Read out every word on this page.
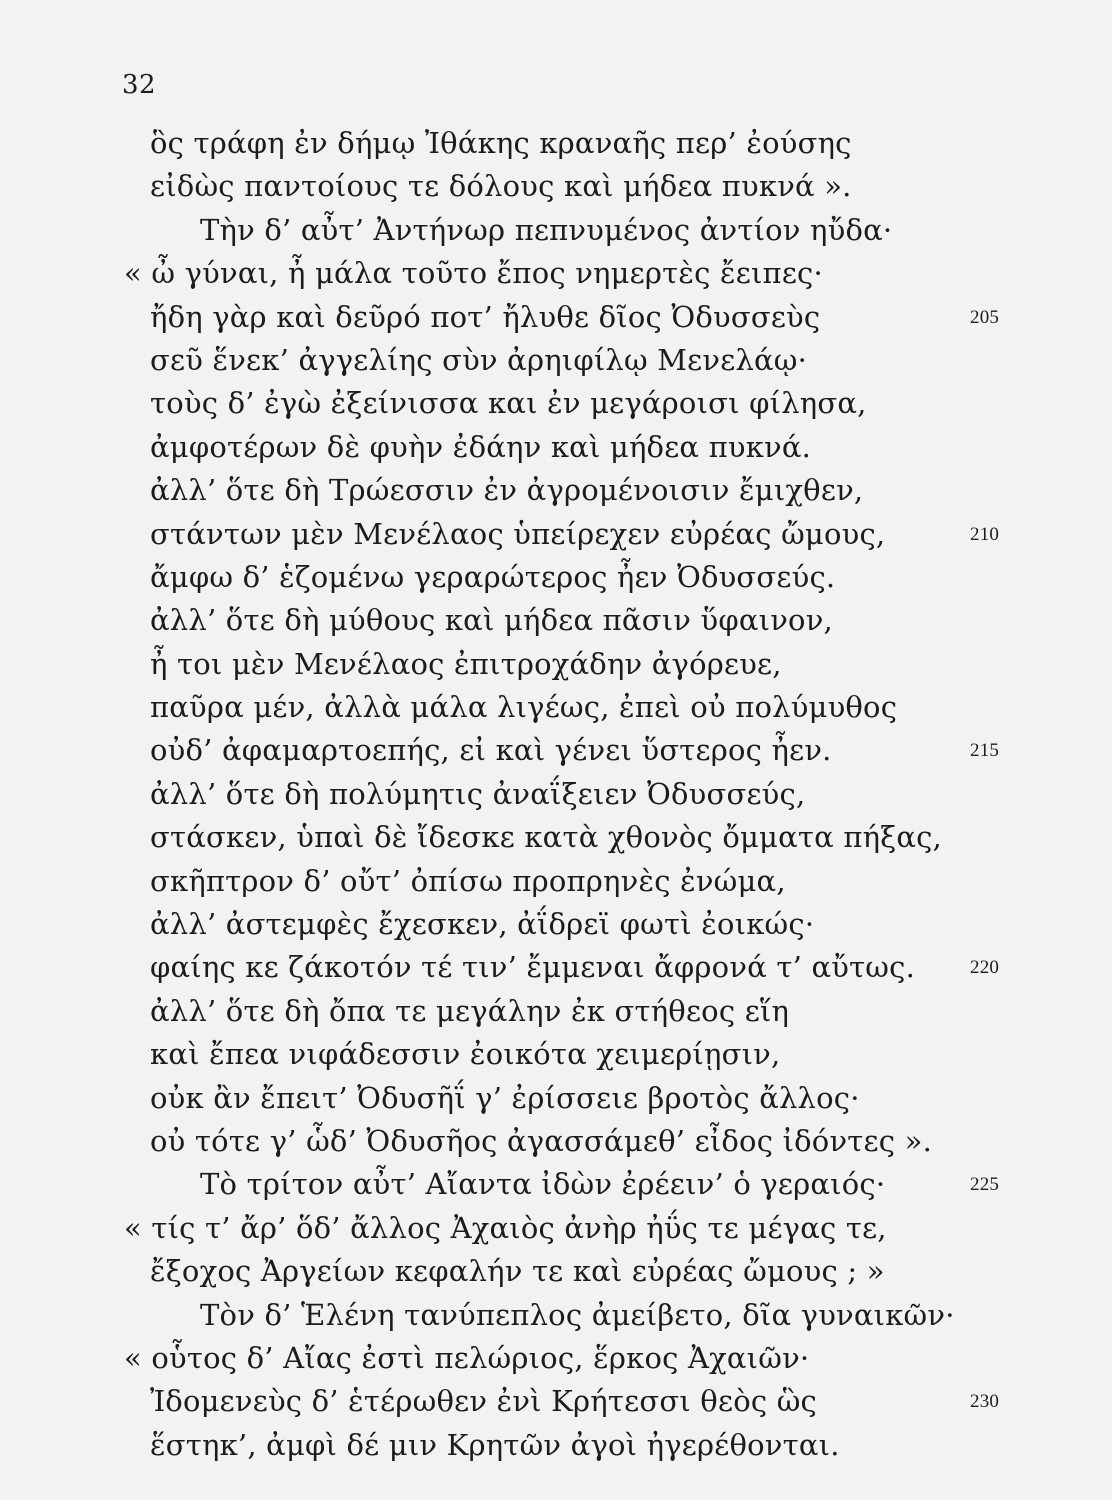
32
ὃς τράφη ἐν δήμῳ Ἰθάκης κραναῆς περ’ ἐούσης
εἰδὼς παντοίους τε δόλους καὶ μήδεα πυκνά ».
Τὴν δ’ αὖτ’ Ἀντήνωρ πεπνυμένος ἀντίον ηὔδα·
« ὦ γύναι, ἦ μάλα τοῦτο ἔπος νημερτὲς ἔειπες·
ἤδη γὰρ καὶ δεῦρό ποτ’ ἤλυθε δῖος Ὀδυσσεὺς	205
σεῦ ἕνεκ’ ἀγγελίης σὺν ἀρηιφίλῳ Μενελάῳ·
τοὺς δ’ ἐγὼ ἐξείνισσα και ἐν μεγάροισι φίλησα,
ἀμφοτέρων δὲ φυὴν ἐδάην καὶ μήδεα πυκνά.
ἀλλ’ ὅτε δὴ Τρώεσσιν ἐν ἀγρομένοισιν ἔμιχθεν,
στάντων μὲν Μενέλαος ὑπείρεχεν εὐρέας ὤμους,	210
ἄμφω δ’ ἑζομένω γεραρώτερος ἦεν Ὀδυσσεύς.
ἀλλ’ ὅτε δὴ μύθους καὶ μήδεα πᾶσιν ὕφαινον,
ἦ τοι μὲν Μενέλαος ἐπιτροχάδην ἀγόρευε,
παῦρα μέν, ἀλλὰ μάλα λιγέως, ἐπεὶ οὐ πολύμυθος
οὐδ’ ἀφαμαρτοεπής, εἰ καὶ γένει ὕστερος ἦεν.	215
ἀλλ’ ὅτε δὴ πολύμητις ἀναΐξειεν Ὀδυσσεύς,
στάσκεν, ὑπαὶ δὲ ἴδεσκε κατὰ χθονὸς ὄμματα πήξας,
σκῆπτρον δ’ οὔτ’ ὀπίσω προπρηνὲς ἐνώμα,
ἀλλ’ ἀστεμφὲς ἔχεσκεν, ἀΐδρεϊ φωτὶ ἐοικώς·
φαίης κε ζάκοτόν τέ τιν’ ἔμμεναι ἄφρονά τ’ αὔτως.	220
ἀλλ’ ὅτε δὴ ὄπα τε μεγάλην ἐκ στήθεος εἵη
καὶ ἔπεα νιφάδεσσιν ἐοικότα χειμερίῃσιν,
οὐκ ἂν ἔπειτ’ Ὀδυσῆΐ γ’ ἐρίσσειε βροτὸς ἄλλος·
οὐ τότε γ’ ὧδ’ Ὀδυσῆος ἀγασσάμεθ’ εἶδος ἰδόντες ».
Τὸ τρίτον αὖτ’ Αἴαντα ἰδὼν ἐρέειν’ ὁ γεραιός·	225
« τίς τ’ ἄρ’ ὅδ’ ἄλλος Ἀχαιὸς ἀνὴρ ἠΰς τε μέγας τε,
ἔξοχος Ἀργείων κεφαλήν τε καὶ εὐρέας ὤμους ; »
Τὸν δ’ Ἑλένη τανύπεπλος ἀμείβετο, δῖα γυναικῶν·
« οὗτος δ’ Αἴας ἐστὶ πελώριος, ἕρκος Ἀχαιῶν·
Ἰδομενεὺς δ’ ἑτέρωθεν ἐνὶ Κρήτεσσι θεὸς ὣς	230
ἕστηκ’, ἀμφὶ δέ μιν Κρητῶν ἀγοὶ ἠγερέθονται.
